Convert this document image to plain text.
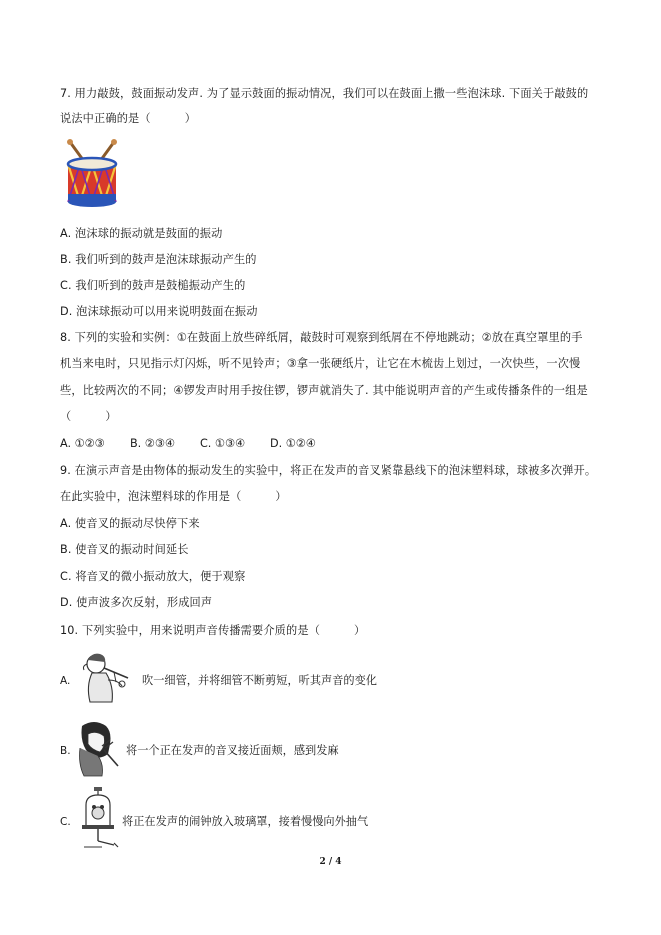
7. 用力敲鼓，鼓面振动发声. 为了显示鼓面的振动情况，我们可以在鼓面上撒一些泡沫球. 下面关于敲鼓的
说法中正确的是（　　　）
A. 泡沫球的振动就是鼓面的振动
B. 我们听到的鼓声是泡沫球振动产生的
C. 我们听到的鼓声是鼓槌振动产生的
D. 泡沫球振动可以用来说明鼓面在振动
8. 下列的实验和实例：①在鼓面上放些碎纸屑，敲鼓时可观察到纸屑在不停地跳动；②放在真空罩里的手
机当来电时，只见指示灯闪烁，听不见铃声；③拿一张硬纸片，让它在木梳齿上划过，一次快些，一次慢
些，比较两次的不同；④锣发声时用手按住锣，锣声就消失了. 其中能说明声音的产生或传播条件的一组是
（　　　）
A. ①②③ B. ②③④ C. ①③④ D. ①②④
9. 在演示声音是由物体的振动发生的实验中，将正在发声的音叉紧靠悬线下的泡沫塑料球，球被多次弹开。
在此实验中，泡沫塑料球的作用是（　　　）
A. 使音叉的振动尽快停下来
B. 使音叉的振动时间延长
C. 将音叉的微小振动放大，便于观察
D. 使声波多次反射，形成回声
10. 下列实验中，用来说明声音传播需要介质的是（　　　）
A.	吹一细管，并将细管不断剪短，听其声音的变化
B.	将一个正在发声的音叉接近面颊，感到发麻
C.	将正在发声的闹钟放入玻璃罩，接着慢慢向外抽气
2 / 4
